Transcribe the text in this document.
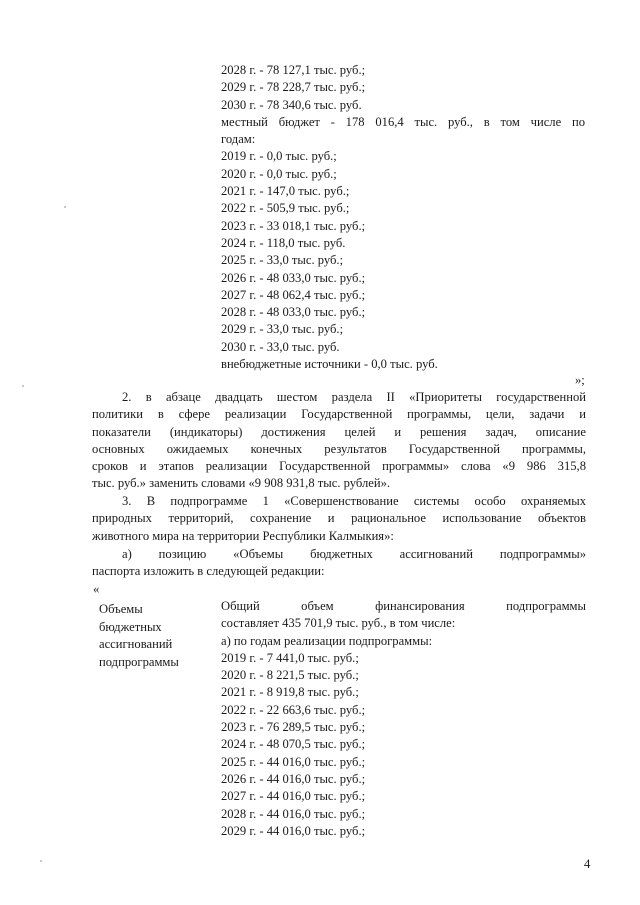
2028 г. - 78 127,1 тыс. руб.;
2029 г. - 78 228,7 тыс. руб.;
2030 г. - 78 340,6 тыс. руб.
местный бюджет - 178 016,4 тыс. руб., в том числе по
годам:
2019 г. - 0,0 тыс. руб.;
2020 г. - 0,0 тыс. руб.;
2021 г. - 147,0 тыс. руб.;
2022 г. - 505,9 тыс. руб.;
2023 г. - 33 018,1 тыс. руб.;
2024 г. - 118,0 тыс. руб.
2025 г. - 33,0 тыс. руб.;
2026 г. - 48 033,0 тыс. руб.;
2027 г. - 48 062,4 тыс. руб.;
2028 г. - 48 033,0 тыс. руб.;
2029 г. - 33,0 тыс. руб.;
2030 г. - 33,0 тыс. руб.
внебюджетные источники - 0,0 тыс. руб.
»;
2. в абзаце двадцать шестом раздела II «Приоритеты государственной
политики в сфере реализации Государственной программы, цели, задачи и
показатели (индикаторы) достижения целей и решения задач, описание
основных ожидаемых конечных результатов Государственной программы,
сроков и этапов реализации Государственной программы» слова «9 986 315,8
тыс. руб.» заменить словами «9 908 931,8 тыс. рублей».
3. В подпрограмме 1 «Совершенствование системы особо охраняемых
природных территорий, сохранение и рациональное использование объектов
животного мира на территории Республики Калмыкия»:
а) позицию «Объемы бюджетных ассигнований подпрограммы»
паспорта изложить в следующей редакции:
«
Объемы
бюджетных
ассигнований
подпрограммы
Общий объем финансирования подпрограммы
составляет 435 701,9 тыс. руб., в том числе:
а) по годам реализации подпрограммы:
2019 г. - 7 441,0 тыс. руб.;
2020 г. - 8 221,5 тыс. руб.;
2021 г. - 8 919,8 тыс. руб.;
2022 г. - 22 663,6 тыс. руб.;
2023 г. - 76 289,5 тыс. руб.;
2024 г. - 48 070,5 тыс. руб.;
2025 г. - 44 016,0 тыс. руб.;
2026 г. - 44 016,0 тыс. руб.;
2027 г. - 44 016,0 тыс. руб.;
2028 г. - 44 016,0 тыс. руб.;
2029 г. - 44 016,0 тыс. руб.;
4
